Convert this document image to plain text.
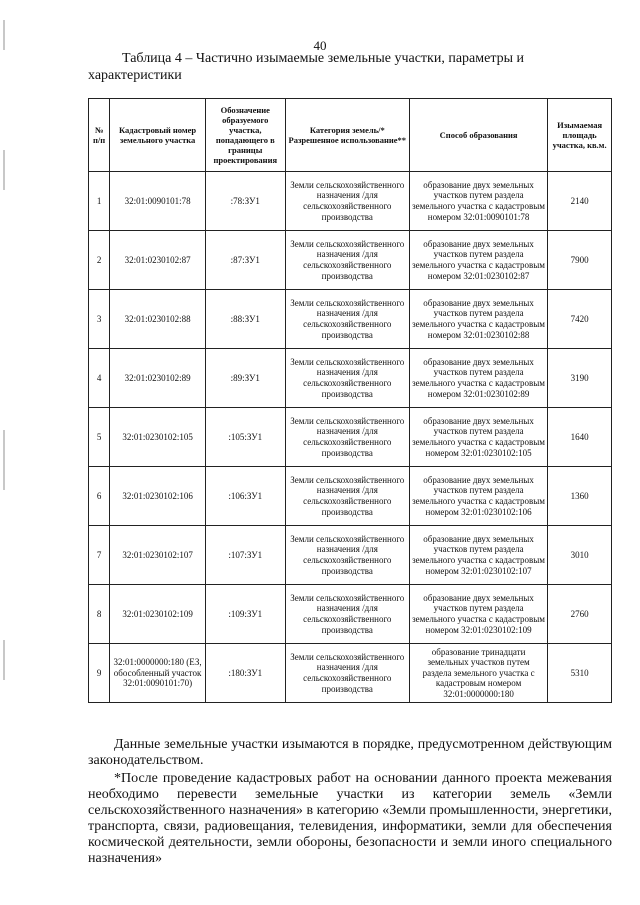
40
Таблица 4 – Частично изымаемые земельные участки, параметры и
характеристики
№ п/п	Кадастровый номер земельного участка	Обозначение образуемого участка, попадающего в границы проектирования	Категория земель/* Разрешенное использование**	Способ образования	Изымаемая площадь участка, кв.м.
1	32:01:0090101:78	:78:ЗУ1	Земли сельскохозяйственного назначения /для сельскохозяйственного производства	образование двух земельных участков путем раздела земельного участка с кадастровым номером 32:01:0090101:78	2140
2	32:01:0230102:87	:87:ЗУ1	Земли сельскохозяйственного назначения /для сельскохозяйственного производства	образование двух земельных участков путем раздела земельного участка с кадастровым номером 32:01:0230102:87	7900
3	32:01:0230102:88	:88:ЗУ1	Земли сельскохозяйственного назначения /для сельскохозяйственного производства	образование двух земельных участков путем раздела земельного участка с кадастровым номером 32:01:0230102:88	7420
4	32:01:0230102:89	:89:ЗУ1	Земли сельскохозяйственного назначения /для сельскохозяйственного производства	образование двух земельных участков путем раздела земельного участка с кадастровым номером 32:01:0230102:89	3190
5	32:01:0230102:105	:105:ЗУ1	Земли сельскохозяйственного назначения /для сельскохозяйственного производства	образование двух земельных участков путем раздела земельного участка с кадастровым номером 32:01:0230102:105	1640
6	32:01:0230102:106	:106:ЗУ1	Земли сельскохозяйственного назначения /для сельскохозяйственного производства	образование двух земельных участков путем раздела земельного участка с кадастровым номером 32:01:0230102:106	1360
7	32:01:0230102:107	:107:ЗУ1	Земли сельскохозяйственного назначения /для сельскохозяйственного производства	образование двух земельных участков путем раздела земельного участка с кадастровым номером 32:01:0230102:107	3010
8	32:01:0230102:109	:109:ЗУ1	Земли сельскохозяйственного назначения /для сельскохозяйственного производства	образование двух земельных участков путем раздела земельного участка с кадастровым номером 32:01:0230102:109	2760
9	32:01:0000000:180 (ЕЗ, обособленный участок 32:01:0090101:70)	:180:ЗУ1	Земли сельскохозяйственного назначения /для сельскохозяйственного производства	образование тринадцати земельных участков путем раздела земельного участка с кадастровым номером 32:01:0000000:180	5310
Данные земельные участки изымаются в порядке, предусмотренном действующим законодательством.
*После проведение кадастровых работ на основании данного проекта межевания необходимо перевести земельные участки из категории земель «Земли сельскохозяйственного назначения» в категорию «Земли промышленности, энергетики, транспорта, связи, радиовещания, телевидения, информатики, земли для обеспечения космической деятельности, земли обороны, безопасности и земли иного специального назначения»
